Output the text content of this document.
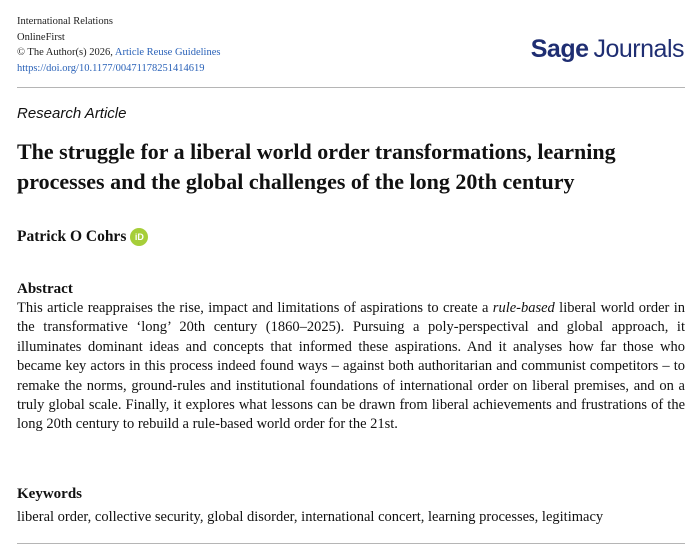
International Relations
OnlineFirst
© The Author(s) 2026, Article Reuse Guidelines
https://doi.org/10.1177/00471178251414619
Sage Journals
Research Article
The struggle for a liberal world order transformations, learning processes and the global challenges of the long 20th century
Patrick O Cohrs iD
Abstract

This article reappraises the rise, impact and limitations of aspirations to create a rule-based liberal world order in the transformative ‘long’ 20th century (1860–2025). Pursuing a poly-perspectival and global approach, it illuminates dominant ideas and concepts that informed these aspirations. And it analyses how far those who became key actors in this process indeed found ways – against both authoritarian and communist competitors – to remake the norms, ground-rules and institutional foundations of international order on liberal premises, and on a truly global scale. Finally, it explores what lessons can be drawn from liberal achievements and frustrations of the long 20th century to rebuild a rule-based world order for the 21st.

Keywords

liberal order, collective security, global disorder, international concert, learning processes, legitimacy
